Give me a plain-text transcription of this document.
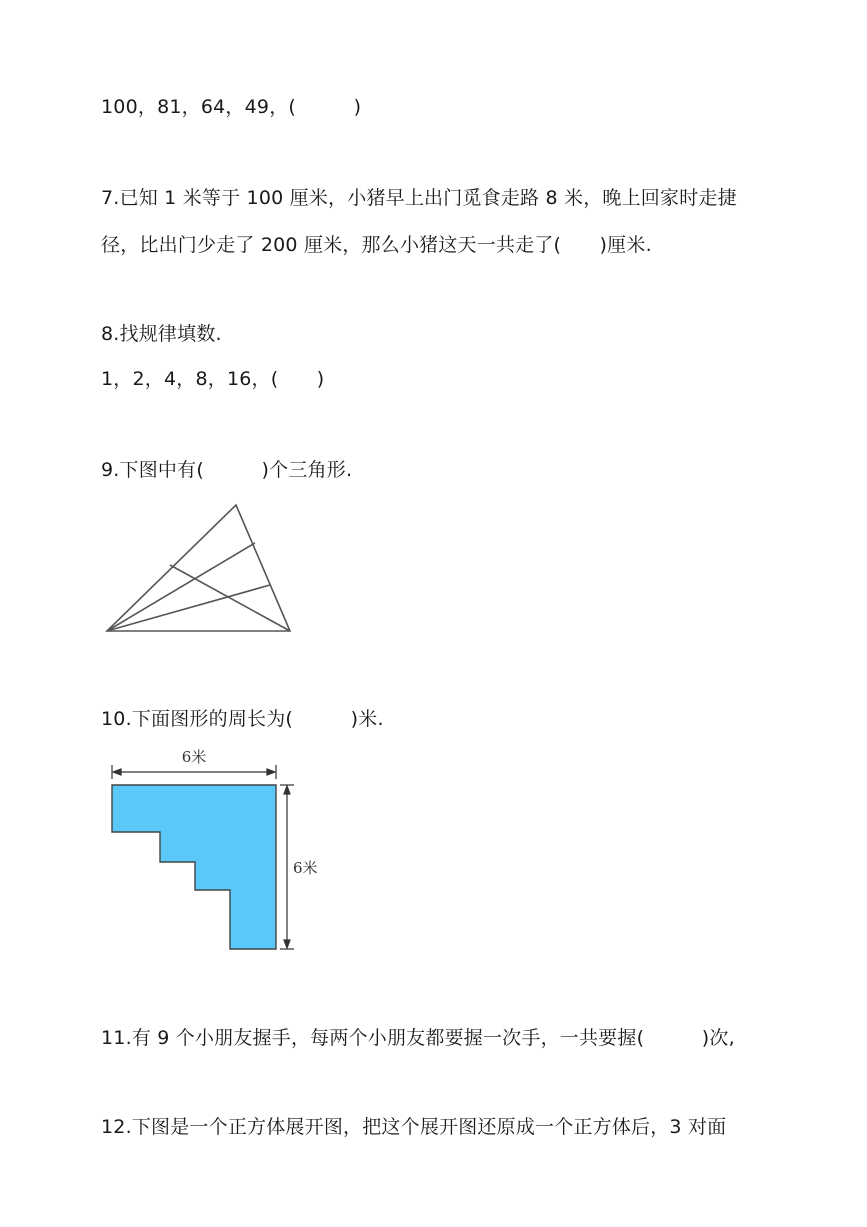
100，81，64，49，(　　　)
7.已知 1 米等于 100 厘米，小猪早上出门觅食走路 8 米，晚上回家时走捷
径，比出门少走了 200 厘米，那么小猪这天一共走了(　　)厘米.
8.找规律填数.
1，2，4，8，16，(　　)
9.下图中有(　　　)个三角形.
10.下面图形的周长为(　　　)米.
6米
6米
11.有 9 个小朋友握手，每两个小朋友都要握一次手，一共要握(　　　)次,
12.下图是一个正方体展开图，把这个展开图还原成一个正方体后，3 对面
